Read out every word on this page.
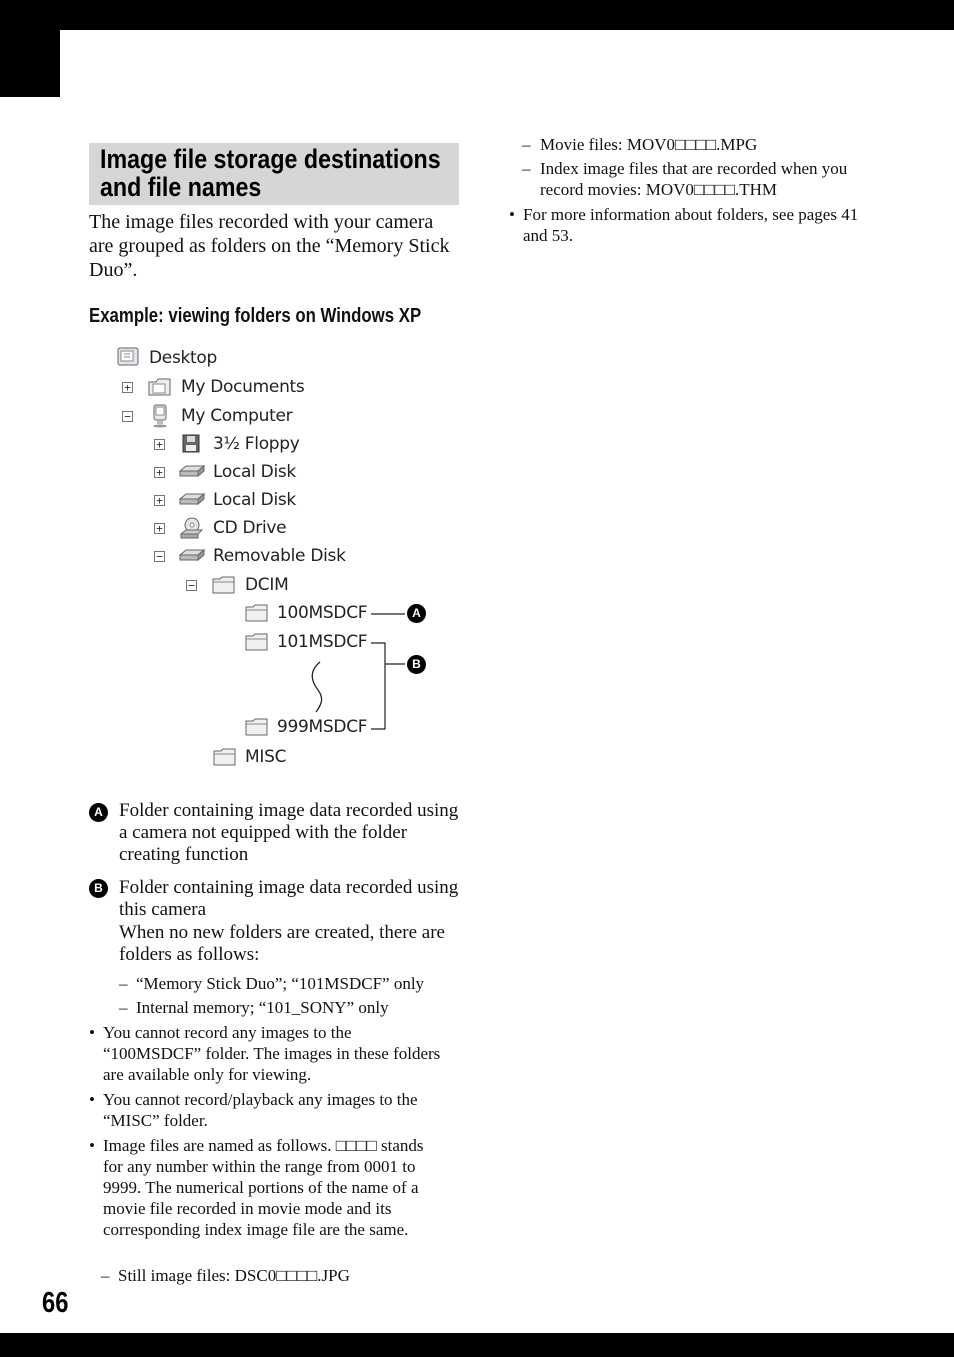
Image file storage destinations and file names
The image files recorded with your camera are grouped as folders on the “Memory Stick Duo”.
Example: viewing folders on Windows XP
Desktop
+	My Documents
−	My Computer
+	3½ Floppy
+	Local Disk
+	Local Disk
+	CD Drive
−	Removable Disk
−	DCIM
100MSDCF
101MSDCF
999MSDCF
MISC
A
B
A Folder containing image data recorded using a camera not equipped with the folder creating function
B Folder containing image data recorded using this camera
When no new folders are created, there are folders as follows:
– “Memory Stick Duo”; “101MSDCF” only
– Internal memory; “101_SONY” only
• You cannot record any images to the “100MSDCF” folder. The images in these folders are available only for viewing.
• You cannot record/playback any images to the “MISC” folder.
• Image files are named as follows. □□□□ stands for any number within the range from 0001 to 9999. The numerical portions of the name of a movie file recorded in movie mode and its corresponding index image file are the same.
– Still image files: DSC0□□□□.JPG
– Movie files: MOV0□□□□.MPG
– Index image files that are recorded when you record movies: MOV0□□□□.THM
• For more information about folders, see pages 41 and 53.
66
